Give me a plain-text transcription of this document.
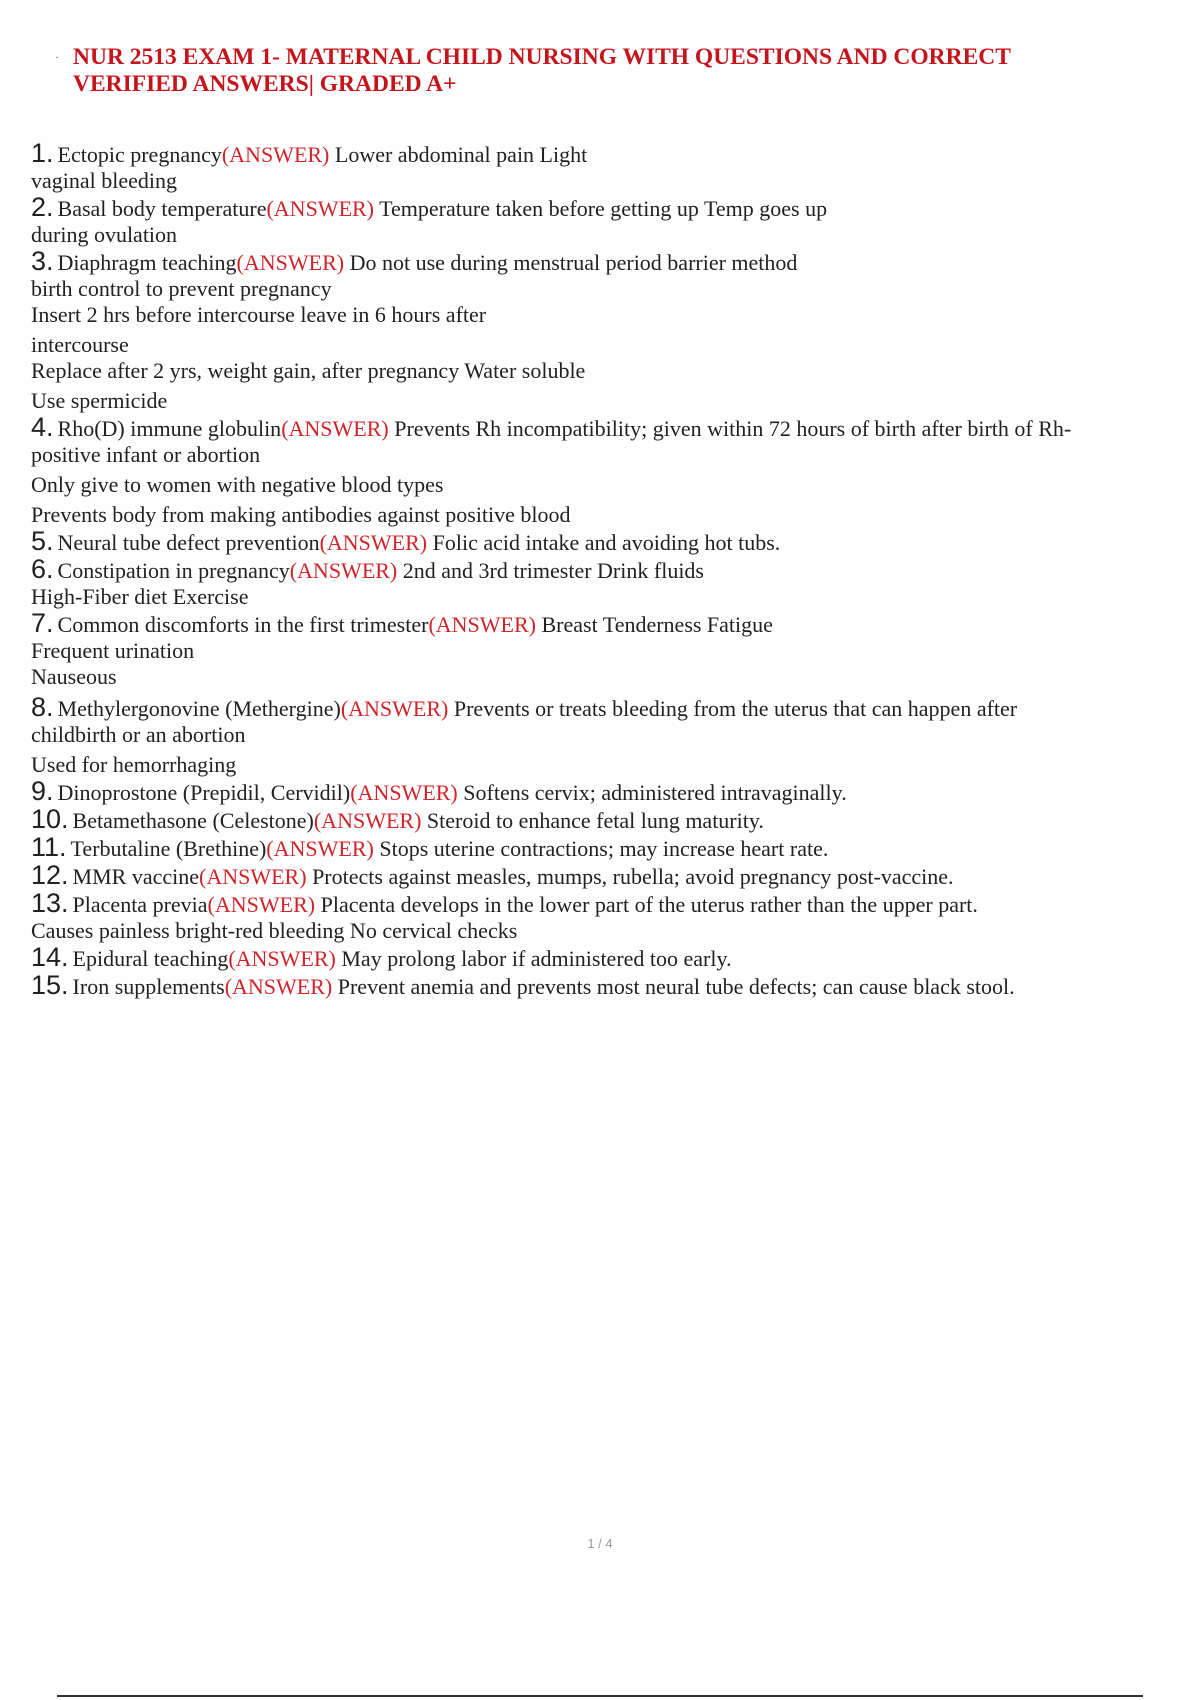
· NUR 2513 EXAM 1- MATERNAL CHILD NURSING WITH QUESTIONS AND CORRECT
VERIFIED ANSWERS| GRADED A+
1. Ectopic pregnancy(ANSWER) Lower abdominal pain Light
vaginal bleeding
2. Basal body temperature(ANSWER) Temperature taken before getting up Temp goes up
during ovulation
3. Diaphragm teaching(ANSWER) Do not use during menstrual period barrier method
birth control to prevent pregnancy
Insert 2 hrs before intercourse leave in 6 hours after
intercourse
Replace after 2 yrs, weight gain, after pregnancy Water soluble
Use spermicide
4. Rho(D) immune globulin(ANSWER) Prevents Rh incompatibility; given within 72 hours of birth after birth of Rh-
positive infant or abortion
Only give to women with negative blood types
Prevents body from making antibodies against positive blood
5. Neural tube defect prevention(ANSWER) Folic acid intake and avoiding hot tubs.
6. Constipation in pregnancy(ANSWER) 2nd and 3rd trimester Drink fluids
High-Fiber diet Exercise
7. Common discomforts in the first trimester(ANSWER) Breast Tenderness Fatigue
Frequent urination
Nauseous
8. Methylergonovine (Methergine)(ANSWER) Prevents or treats bleeding from the uterus that can happen after
childbirth or an abortion
Used for hemorrhaging
9. Dinoprostone (Prepidil, Cervidil)(ANSWER) Softens cervix; administered intravaginally.
10. Betamethasone (Celestone)(ANSWER) Steroid to enhance fetal lung maturity.
11. Terbutaline (Brethine)(ANSWER) Stops uterine contractions; may increase heart rate.
12. MMR vaccine(ANSWER) Protects against measles, mumps, rubella; avoid pregnancy post-vaccine.
13. Placenta previa(ANSWER) Placenta develops in the lower part of the uterus rather than the upper part.
Causes painless bright-red bleeding No cervical checks
14. Epidural teaching(ANSWER) May prolong labor if administered too early.
15. Iron supplements(ANSWER) Prevent anemia and prevents most neural tube defects; can cause black stool.
1 / 4
